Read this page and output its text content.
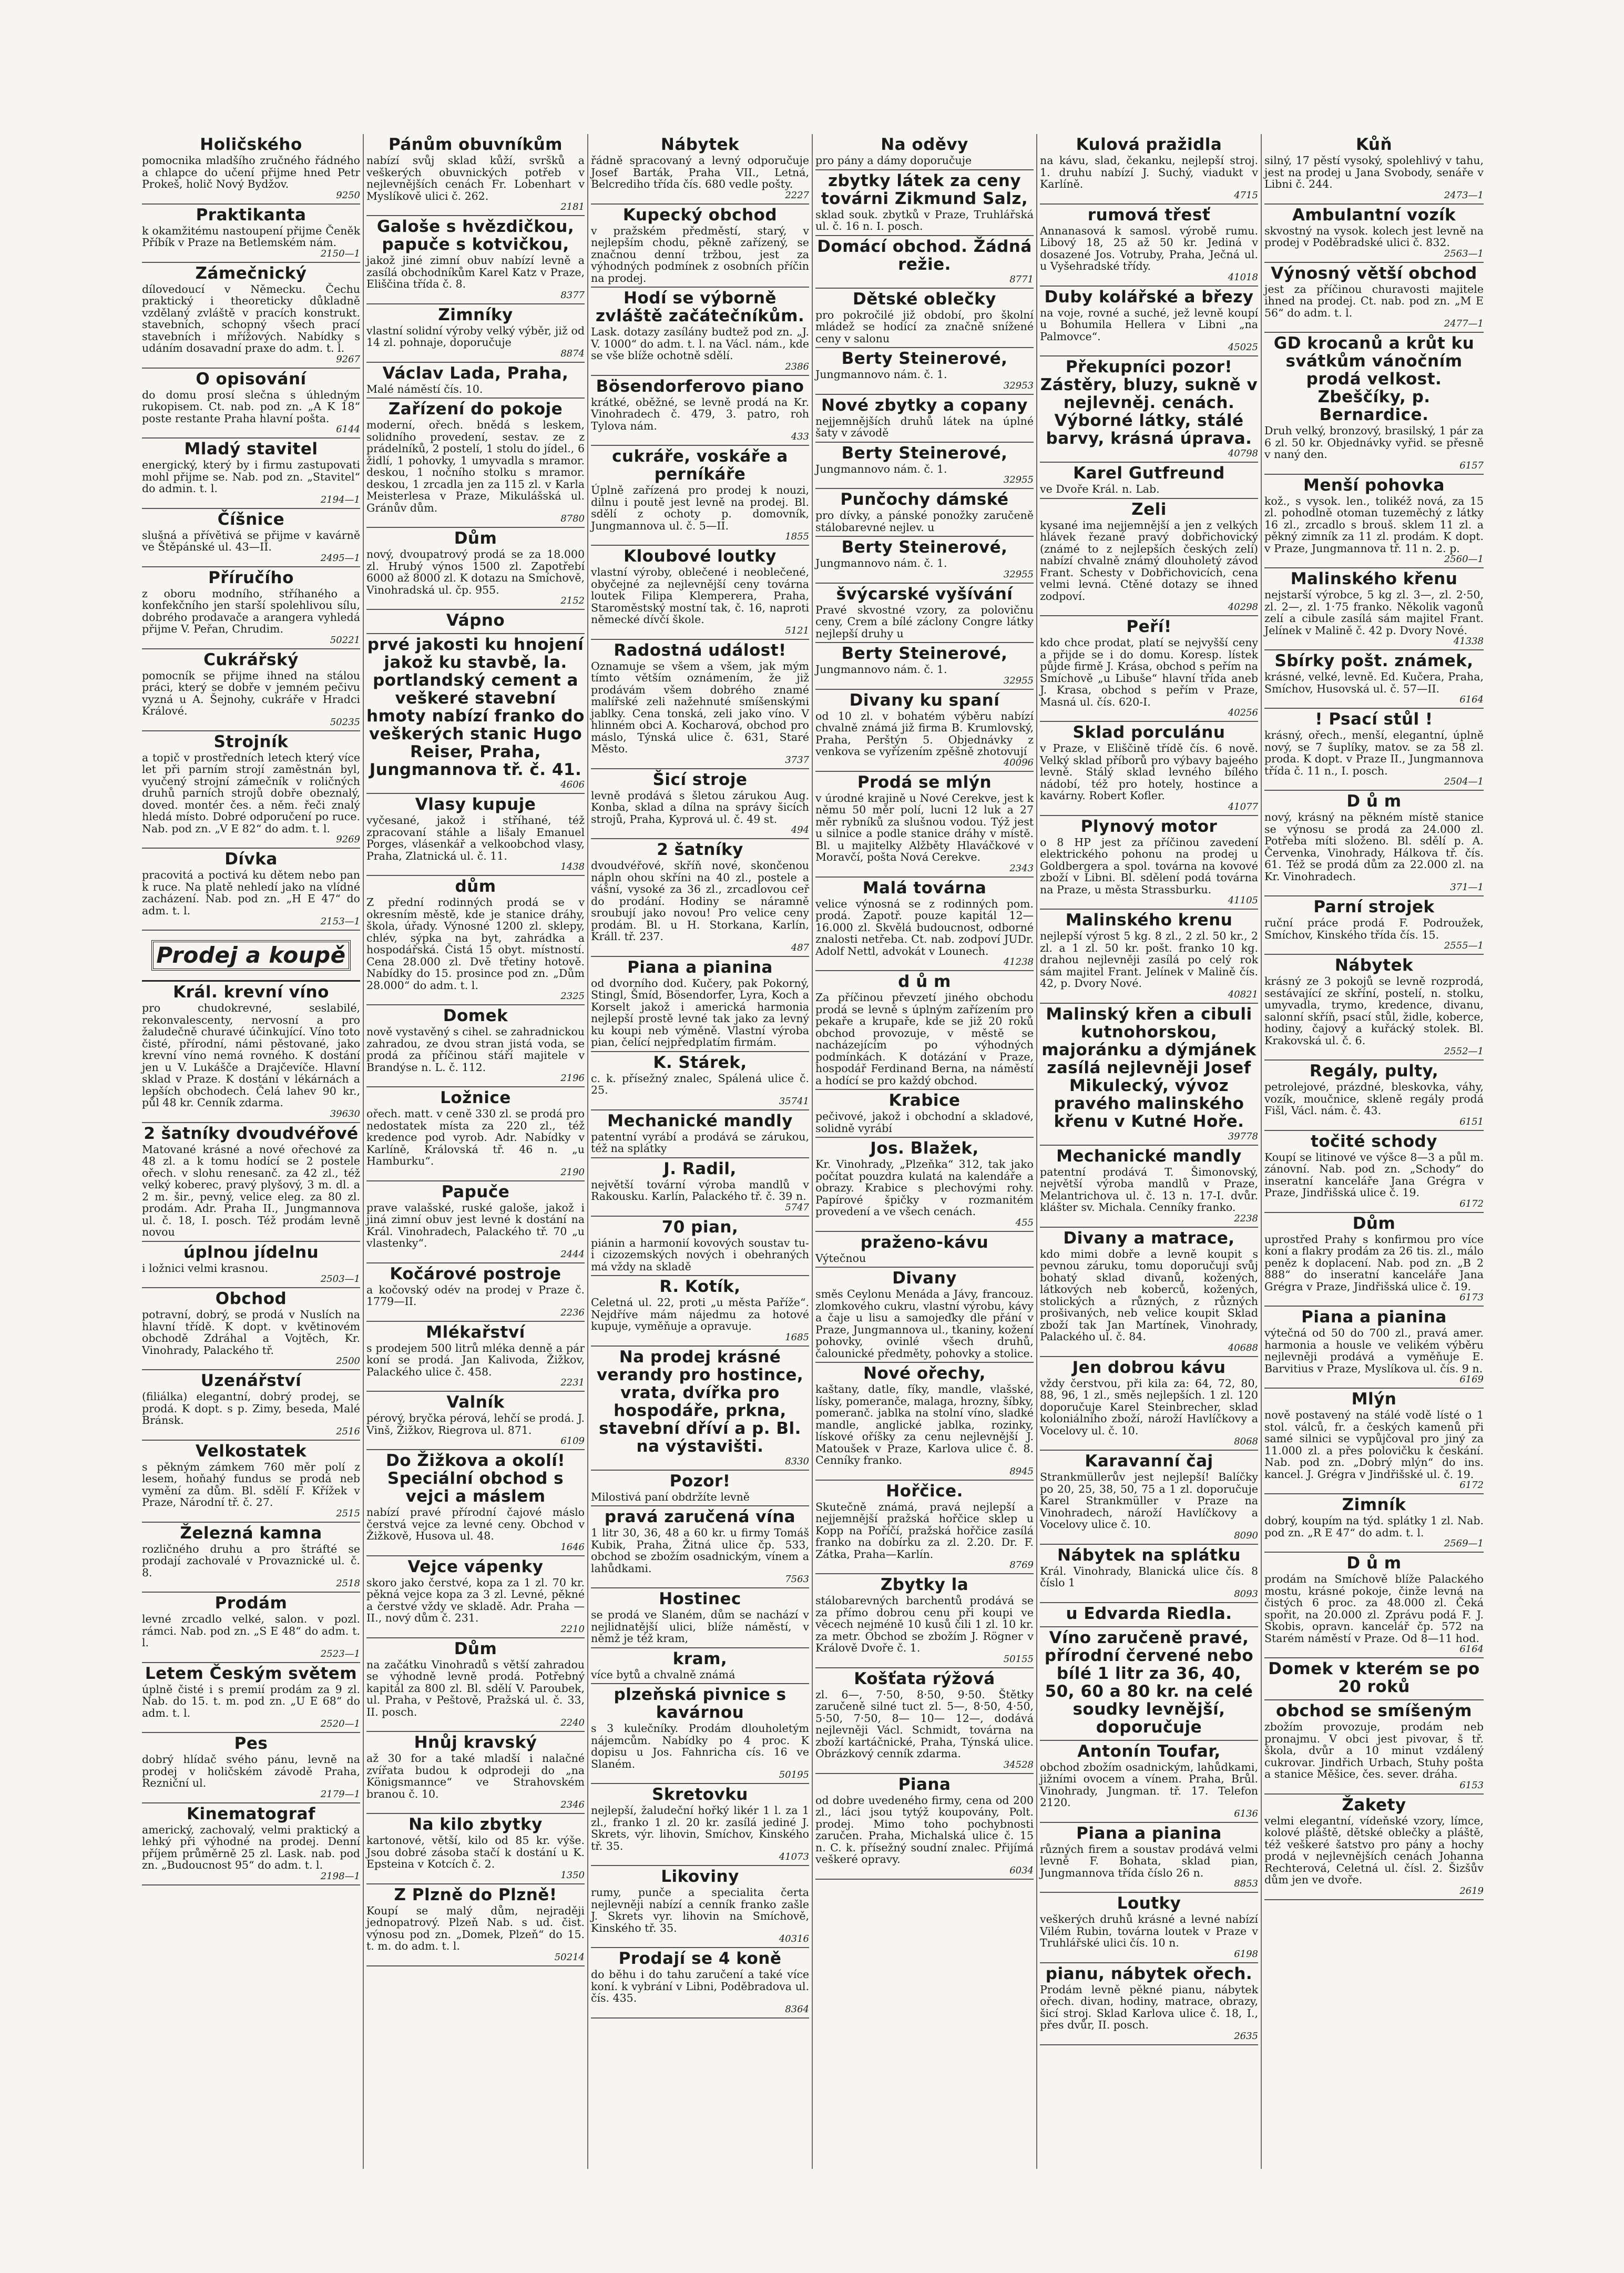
Holičského

pomocnika mladšího zručného řádného a chlapce do učení přijme hned Petr Prokeš, holič Nový Bydžov.

9250

Praktikanta

k okamžitému nastoupení přijme Čeněk Příbík v Praze na Betlemském nám.

2150—1

Zámečnický

dílovedoucí v Německu. Čechu praktický i theoreticky důkladně vzdělaný zvláště v pracích konstrukt. stavebních, schopný všech prací stavebních i mřížových. Nabídky s udáním dosavadní praxe do adm. t. l.

9267

O opisování

do domu prosí slečna s úhledným rukopisem. Ct. nab. pod zn. „A K 18“ poste restante Praha hlavní pošta.

6144

Mladý stavitel

energický, který by i firmu zastupovati mohl přijme se. Nab. pod zn. „Stavitel“ do admin. t. l.

2194—1

Číšnice

slušná a přívětivá se přijme v kavárně ve Štěpánské ul. 43—II.

2495—1

Příručího

z oboru modního, stříhaného a konfekčního jen starší spolehlivou sílu, dobrého prodavače a arangera vyhledá přijme V. Peřan, Chrudim.

50221

Cukrářský

pomocník se přijme ihned na stálou práci, který se dobře v jemném pečivu vyzná u A. Šejnohy, cukráře v Hradci Králové.

50235

Strojník

a topič v prostředních letech který více let při parním strojí zaměstnán byl, vyučený strojní zámečník v roličných druhů parních strojů dobře obeznalý, doved. montér čes. a něm. řeči znalý hledá místo. Dobré odporučení po ruce. Nab. pod zn. „V E 82“ do adm. t. l.

9269

Dívka

pracovitá a poctivá ku dětem nebo pan k ruce. Na platě nehledí jako na vlídné zacházení. Nab. pod zn. „H E 47“ do adm. t. l.

2153—1

Prodej a koupě
Král. krevní víno

pro chudokrevné, seslabilé, rekonvalescenty, nervosní a pro žaludečně churavé účinkující. Víno toto čisté, přírodní, námi pěstované, jako krevní víno nemá rovného. K dostání jen u V. Lukášče a Drajčevíče. Hlavní sklad v Praze. K dostání v lékárnách a lepších obchodech. Čelá lahev 90 kr., půl 48 kr. Cenník zdarma.

39630

2 šatníky dvoudvéřové

Matované krásné a nové ořechové za 48 zl. a k tomu hodící se 2 postele ořech. v slohu renesanč. za 42 zl., též velký koberec, pravý plyšový, 3 m. dl. a 2 m. šir., pevný, velice eleg. za 80 zl. prodám. Adr. Praha II., Jungmannova ul. č. 18, I. posch. Též prodám levně novou

úplnou jídelnu

i ložnici velmi krasnou.

2503—1

Obchod

potravní, dobrý, se prodá v Nuslích na hlavní třídě. K dopt. v květinovém obchodě Zdráhal a Vojtěch, Kr. Vinohrady, Palackého tř.

2500

Uzenářství

(filiálka) elegantní, dobrý prodej, se prodá. K dopt. s p. Zimy, beseda, Malé Bránsk.

2516

Velkostatek

s pěkným zámkem 760 měr polí z lesem, hoňahý fundus se prodá neb vymění za dům. Bl. sdělí F. Křížek v Praze, Národní tř. č. 27.

2515

Železná kamna

rozličného druhu a pro štráfté se prodají zachovalé v Provaznické ul. č. 8.

2518

Prodám

levné zrcadlo velké, salon. v pozl. rámci. Nab. pod zn. „S E 48“ do adm. t. l.

2523—1

Letem Českým světem

úplně čisté i s premií prodám za 9 zl. Nab. do 15. t. m. pod zn. „U E 68“ do adm. t. l.

2520—1

Pes

dobrý hlídač svého pánu, levně na prodej v holičském závodě Praha, Rezniční ul.

2179—1

Kinematograf

americký, zachovalý, velmi praktický a lehký při výhodné na prodej. Denní příjem průměrně 25 zl. Lask. nab. pod zn. „Budoucnost 95“ do adm. t. l.

2198—1

Pánům obuvníkům

nabízí svůj sklad kůží, svršků a veškerých obuvnických potřeb v nejlevnějších cenách Fr. Lobenhart v Myslíkově ulici č. 262.

2181

Galoše s hvězdičkou, papuče s kotvičkou,

jakož jiné zimní obuv nabízí levně a zasílá obchodníkům Karel Katz v Praze, Eliščina třída č. 8.

8377

Zimníky

vlastní solidní výroby velký výběr, již od 14 zl. pohnaje, doporučuje

8874

Václav Lada, Praha,

Malé náměstí čís. 10.

Zařízení do pokoje

moderní, ořech. bnědá s leskem, solidního provedení, sestav. ze z prádelníků, 2 postelí, 1 stolu do jídel., 6 židlí, 1 pohovky, 1 umyvadla s mramor. deskou, 1 nočního stolku s mramor. deskou, 1 zrcadla jen za 115 zl. v Karla Meisterlesa v Praze, Mikulášská ul. Gránův dům.

8780

Dům

nový, dvoupatrový prodá se za 18.000 zl. Hrubý výnos 1500 zl. Zapotřebí 6000 až 8000 zl. K dotazu na Smíchově, Vinohradská ul. čp. 955.

2152

Vápno
prvé jakosti ku hnojení jakož ku stavbě, la. portlandský cement a veškeré stavební hmoty nabízí franko do veškerých stanic Hugo Reiser, Praha, Jungmannova tř. č. 41.

4606

Vlasy kupuje

vyčesané, jakož i stříhané, též zpracovaní stáhle a lišaly Emanuel Porges, vlásenkář a velkoobchod vlasy, Praha, Zlatnická ul. č. 11.

1438

dům

Z přední rodinných prodá se v okresním městě, kde je stanice dráhy, škola, úřady. Výnosné 1200 zl. sklepy, chlév, sýpka na byt, zahrádka a hospodářská. Čistá 15 obyt. místností. Cena 28.000 zl. Dvě třetiny hotově. Nabídky do 15. prosince pod zn. „Dům 28.000“ do adm. t. l.

2325

Domek

nově vystavěný s cihel. se zahradnickou zahradou, ze dvou stran jistá voda, se prodá za příčinou stáří majitele v Brandýse n. L. č. 112.

2196

Ložnice

ořech. matt. v ceně 330 zl. se prodá pro nedostatek místa za 220 zl., též kredence pod vyrob. Adr. Nabídky v Karlíně, Královská tř. 46 n. „u Hamburku“.

2190

Papuče

prave valašské, ruské galoše, jakož i jiná zimní obuv jest levné k dostání na Král. Vinohradech, Palackého tř. 70 „u vlastenky“.

2444

Kočárové postroje

a kočovský odév na prodej v Praze č. 1779—II.

2236

Mlékařství

s prodejem 500 litrů mléka denně a pár koní se prodá. Jan Kalivoda, Žižkov, Palackého ulice č. 458.

2231

Valník

pérový, bryčka pérová, lehčí se prodá. J. Vinš, Žižkov, Riegrova ul. 871.

6109

Do Žižkova a okolí! Speciální obchod s vejci a máslem

nabízí pravé přírodní čajové máslo čerstvá vejce za levné ceny. Obchod v Žižkově, Husova ul. 48.

1646

Vejce vápenky

skoro jako čerstvé, kopa za 1 zl. 70 kr. pěkná vejce kopa za 3 zl. Levné, pěkné a čerstvé vždy ve skladě. Adr. Praha — II., nový dům č. 231.

2210

Dům

na začátku Vinohradů s větší zahradou se výhodně levně prodá. Potřebný kapitál za 800 zl. Bl. sdělí V. Paroubek, ul. Praha, v Peštově, Pražská ul. č. 33, II. posch.

2240

Hnůj kravský

až 30 for a také mladší i nalačné zvířata budou k odprodeji do „na Königsmannce“ ve Strahovském branou č. 10.

2346

Na kilo zbytky

kartonové, větší, kilo od 85 kr. výše. Jsou dobré zásoba stačí k dostání u K. Epsteina v Kotcích č. 2.

1350

Z Plzně do Plzně!

Koupí se malý dům, nejraději jednopatrový. Plzeň Nab. s ud. čist. výnosu pod zn. „Domek, Plzeň“ do 15. t. m. do adm. t. l.

50214

Nábytek

řádně spracovaný a levný odporučuje Josef Barták, Praha VII., Letná, Belcrediho třída čís. 680 vedle pošty.

2227

Kupecký obchod

v pražském předměstí, starý, v nejlepším chodu, pěkně zařízený, se značnou denní tržbou, jest za výhodných podmínek z osobních příčin na prodej.

Hodí se výborně zvláště začátečníkům.

Lask. dotazy zasílány budtež pod zn. „J. V. 1000“ do adm. t. l. na Václ. nám., kde se vše blíže ochotně sdělí.

2386

Bösendorferovo piano

krátké, oběžné, se levně prodá na Kr. Vinohradech č. 479, 3. patro, roh Tylova nám.

433

cukráře, voskáře a perníkáře

Úplně zařízená pro prodej k nouzi, dilnu i poutě jest levně na prodej. Bl. sdělí z ochoty p. domovník, Jungmannova ul. č. 5—II.

1855

Kloubové loutky

vlastní výroby, oblečené i neoblečené, obyčejné za nejlevnější ceny továrna loutek Filipa Klemperera, Praha, Staroměstský mostní tak, č. 16, naproti německé dívčí škole.

5121

Radostná událost!

Oznamuje se všem a všem, jak mým tímto větším oznámením, že již prodávám všem dobrého znamé malířské zeli nažehnuté smíšenskými jablky. Cena tonská, zeli jako víno. V hlinném obci A. Kocharová, obchod pro máslo, Týnská ulice č. 631, Staré Město.

3737

Šicí stroje

levně prodává s šletou zárukou Aug. Konba, sklad a dílna na správy šicích strojů, Praha, Kyprová ul. č. 49 st.

494

2 šatníky

dvoudvéřové, skříň nové, skončenou nápln ohou skříni na 40 zl., postele a vášní, vysoké za 36 zl., zrcadlovou ceř do prodání. Hodiny se náramně sroubují jako novou! Pro velice ceny prodám. Bl. u H. Storkana, Karlín, Králl. tř. 237.

487

Piana a pianina

od dvorního dod. Kučery, pak Pokorný, Stingl, Šmíd, Bösendorfer, Lyra, Koch a Korselt jakož i americká harmonia nejlepší prostě levné tak jako za levný ku koupi neb výměně. Vlastní výroba pian, čelící nejpředplatím firmám.

K. Stárek,

c. k. přísežný znalec, Spálená ulice č. 25.

35741

Mechanické mandly

patentní vyrábí a prodává se zárukou, též na splátky

J. Radil,

největší tovární výroba mandlů v Rakousku. Karlín, Palackého tř. č. 39 n.

5747

70 pian,

piánin a harmonií kovových soustav tu- i cizozemských nových i obehraných má vždy na skladě

R. Kotík,

Celetná ul. 22, proti „u města Paříže“. Nejdříve mám nájedmu za hotové kupuje, vyměňuje a opravuje.

1685

Na prodej krásné verandy pro hostince, vrata, dvířka pro hospodáře, prkna, stavební dříví a p. Bl. na výstavišti.

8330

Pozor!

Milostivá paní obdržíte levně

pravá zaručená vína

1 litr 30, 36, 48 a 60 kr. u firmy Tomáš Kubik, Praha, Žitná ulice čp. 533, obchod se zbožím osadnickým, vínem a lahůdkami.

7563

Hostinec

se prodá ve Slaném, dům se nachází v nejlidnatější ulici, blíže náměstí, v němž je též kram,

kram,

více bytů a chvalně známá

plzeňská pivnice s kavárnou

s 3 kulečníky. Prodám dlouholetým nájemcům. Nabídky po 4 proc. K dopisu u Jos. Fahnricha cís. 16 ve Slaném.

50195

Skretovku

nejlepší, žaludeční hořký likér 1 l. za 1 zl., franko 1 zl. 20 kr. zasílá jediné J. Skrets, výr. lihovin, Smíchov, Kinského tř. 35.

41073

Likoviny

rumy, punče a specialita čerta nejlevněji nabízí a cenník franko zašle J. Skrets vyr. lihovin na Smíchově, Kinského tř. 35.

40316

Prodají se 4 koně

do běhu i do tahu zaručení a také více koní. k vybrání v Libni, Poděbradova ul. čís. 435.

8364

Na oděvy

pro pány a dámy doporučuje

zbytky látek za ceny továrni Zikmund Salz,

sklad souk. zbytků v Praze, Truhlářská ul. č. 16 n. I. posch.

Domácí obchod. Žádná režie.

8771

Dětské oblečky

pro pokročilé již období, pro školní mládež se hodící za značně snížené ceny v salonu

Berty Steinerové,

Jungmannovo nám. č. 1.

32953

Nové zbytky a copany

nejjemnějších druhů látek na úplné šaty v závodě

Berty Steinerové,

Jungmannovo nám. č. 1.

32955

Punčochy dámské

pro dívky, a pánské ponožky zaručeně stálobarevné nejlev. u

Berty Steinerové,

Jungmannovo nám. č. 1.

32955

švýcarské vyšívání

Pravé skvostné vzory, za polovičnu ceny, Crem a bílé záclony Congre látky nejlepší druhy u

Berty Steinerové,

Jungmannovo nám. č. 1.

32955

Divany ku spaní

od 10 zl. v bohatém výběru nabízí chvalně známá již firma B. Krumlovský, Praha, Perštýn 5. Objednávky z venkova se vyřízením zpěšně zhotovují

40096

Prodá se mlýn

v úrodné krajině u Nové Cerekve, jest k němu 50 měr polí, lucni 12 luk a 27 měr rybníků za slušnou vodou. Týž jest u silnice a podle stanice dráhy v místě. Bl. u majitelky Alžběty Hlaváčkové v Moravčí, pošta Nová Cerekve.

2343

Malá továrna

velice výnosná se z rodinných pom. prodá. Zapotř. pouze kapitál 12—16.000 zl. Skvělá budoucnost, odborné znalosti netřeba. Ct. nab. zodpoví JUDr. Adolf Nettl, advokát v Lounech.

41238

d ů m

Za příčinou převzetí jiného obchodu prodá se levně s úplným zařízením pro pekaře a krupaře, kde se již 20 roků obchod provozuje, v městě se nacházejícím po výhodných podmínkách. K dotázání v Praze, hospodář Ferdinand Berna, na náměstí a hodící se pro každý obchod.

Krabice

pečivové, jakož i obchodní a skladové, solidně vyrábí

Jos. Blažek,

Kr. Vinohrady, „Plzeňka“ 312, tak jako počítat pouzdra kulatá na kalendáře a obrazy. Krabice s plechovými rohy. Papírové špičky v rozmanitém provedení a ve všech cenách.

455

praženo-kávu

Výtečnou

Divany

směs Ceylonu Menáda a Jávy, francouz. zlomkového cukru, vlastní výrobu, kávy a čaje u lisu a samojeďky dle přání v Praze, Jungmannova ul., tkaniny, kožení pohovky, ovinlé všech druhů, čalounické předměty, pohovky a stolice.

Nové ořechy,

kaštany, datle, fíky, mandle, vlašské, lísky, pomeranče, malaga, hrozny, šíbky, pomeranč. jablka na stolní víno, sladké mandle, anglické jablka, rozinky, lískové oříšky za cenu nejlevnější J. Matoušek v Praze, Karlova ulice č. 8. Cenníky franko.

8945

Hořčice.

Skutečně známá, pravá nejlepší a nejjemnější pražská hořčice sklep u Kopp na Poříčí, pražská hořčice zasílá franko na dobírku za zl. 2.20. Dr. F. Zátka, Praha—Karlín.

8769

Zbytky la

stálobarevných barchentů prodává se za přímo dobrou cenu při koupi ve věcech nejméně 10 kusů čili 1 zl. 10 kr. za metr. Obchod se zbožím J. Rögner v Králově Dvoře č. 1.

50155

Košťata rýžová

zl. 6—, 7·50, 8·50, 9·50. Štětky zaručeně silné tuct zl. 5—, 8·50, 4·50, 5·50, 7·50, 8— 10— 12—, dodává nejlevněji Václ. Schmidt, továrna na zboží kartáčnické, Praha, Týnská ulice. Obrázkový cenník zdarma.

34528

Piana

od dobre uvedeného firmy, cena od 200 zl., láci jsou tytýž koupovány, Polt. prodej. Mimo toho pochybnosti zaručen. Praha, Michalská ulice č. 15 n. C. k. přísežný soudní znalec. Přijímá veškeré opravy.

6034

Kulová pražidla

na kávu, slad, čekanku, nejlepší stroj. 1. druhu nabízí J. Suchý, viadukt v Karlíně.

4715

rumová třesť

Annanasová k samosl. výrobě rumu. Libový 18, 25 až 50 kr. Jediná v dosazené Jos. Votruby, Praha, Ječná ul. u Vyšehradské třídy.

41018

Duby kolářské a březy

na voje, rovné a suché, jež levně koupí u Bohumila Hellera v Libni „na Palmovce“.

45025

Překupníci pozor! Zástěry, bluzy, sukně v nejlevněj. cenách. Výborné látky, stálé barvy, krásná úprava.

40798

Karel Gutfreund

ve Dvoře Král. n. Lab.

Zeli

kysané ima nejjemnější a jen z velkých hlávek řezané pravý dobřichovický (známé to z nejlepších českých zelí) nabízí chvalně známý dlouholetý závod Frant. Schesty v Dobřichovicích, cena velmi levná. Ctěné dotazy se ihned zodpoví.

40298

Peří!

kdo chce prodat, platí se nejvyšší ceny a přijde se i do domu. Koresp. lístek půjde firmě J. Krása, obchod s peřím na Smíchově „u Libuše“ hlavní třída aneb J. Krasa, obchod s peřím v Praze, Masná ul. čís. 620-I.

40256

Sklad porculánu

v Praze, v Eliščině třídě čís. 6 nově. Velký sklad příborů pro výbavy bajeého levně. Stálý sklad levného bílého nádobí, též pro hotely, hostince a kavárny. Robert Kofler.

41077

Plynový motor

o 8 HP jest za příčinou zavedení elektrického pohonu na prodej u Goldbergera a spol. továrna na kovové zboží v Libni. Bl. sdělení podá továrna na Praze, u města Strassburku.

41105

Malinského krenu

nejlepší výrost 5 kg. 8 zl., 2 zl. 50 kr., 2 zl. a 1 zl. 50 kr. pošt. franko 10 kg. drahou nejlevněji zasílá po celý rok sám majitel Frant. Jelínek v Malině čís. 42, p. Dvory Nové.

40821

Malinský křen a cibuli kutnohorskou, majoránku a dýmjánek zasílá nejlevněji Josef Mikulecký, vývoz pravého malinského křenu v Kutné Hoře.

39778

Mechanické mandly

patentní prodává T. Šimonovský, největší výroba mandlů v Praze, Melantrichova ul. č. 13 n. 17-I. dvůr. klášter sv. Michala. Cenníky franko.

2238

Divany a matrace,

kdo mimi dobře a levně koupit s pevnou záruku, tomu doporučuji svůj bohatý sklad divanů, kožených, látkových neb koberců, kožených, stolických a různých, z různých prošivaných, neb velice koupit Sklad zboží tak Jan Martínek, Vinohrady, Palackého ul. č. 84.

40688

Jen dobrou kávu

vždy čerstvou, při kila za: 64, 72, 80, 88, 96, 1 zl., směs nejlepších. 1 zl. 120 doporučuje Karel Steinbrecher, sklad koloniálního zboží, nároží Havlíčkovy a Vocelovy ul. č. 10.

8068

Karavanní čaj

Strankmüllerův jest nejlepší! Balíčky po 20, 25, 38, 50, 75 a 1 zl. doporučuje Karel Strankmüller v Praze na Vinohradech, nároží Havlíčkovy a Vocelovy ulice č. 10.

8090

Nábytek na splátku

Král. Vinohrady, Blanická ulice čís. 8 číslo 1

8093

u Edvarda Riedla.
Víno zaručeně pravé, přírodní červené nebo bílé 1 litr za 36, 40, 50, 60 a 80 kr. na celé soudky levnější, doporučuje
Antonín Toufar,

obchod zbožím osadnickým, lahůdkami, jižními ovocem a vínem. Praha, Brůl. Vinohrady, Jungman. tř. 17. Telefon 2120.

6136

Piana a pianina

různých firem a soustav prodává velmi levně F. Bohata, sklad pian, Jungmannova třída číslo 26 n.

8853

Loutky

veškerých druhů krásné a levné nabízí Vilém Rubin, továrna loutek v Praze v Truhlářské ulici čís. 10 n.

6198

pianu, nábytek ořech.

Prodám levně pěkné pianu, nábytek ořech. divan, hodiny, matrace, obrazy, šicí stroj. Sklad Karlova ulice č. 18, I., přes dvůr, II. posch.

2635

Kůň

silný, 17 pěstí vysoký, spolehlivý v tahu, jest na prodej u Jana Svobody, senáře v Libni č. 244.

2473—1

Ambulantní vozík

skvostný na vysok. kolech jest levně na prodej v Poděbradské ulici č. 832.

2563—1

Výnosný větší obchod

jest za příčinou churavosti majitele ihned na prodej. Ct. nab. pod zn. „M E 56“ do adm. t. l.

2477—1

GD krocanů a krůt ku svátkům vánočním prodá velkost. Zbeščíky, p. Bernardice.

Druh velký, bronzový, brasilský, 1 pár za 6 zl. 50 kr. Objednávky vyřid. se přesně v naný den.

6157

Menší pohovka

kož., s vysok. len., tolikéž nová, za 15 zl. pohodlně otoman tuzeměchý z látky 16 zl., zrcadlo s brouš. sklem 11 zl. a pěkný zimník za 11 zl. prodám. K dopt. v Praze, Jungmannova tř. 11 n. 2. p.

2560—1

Malinského křenu

nejstarší výrobce, 5 kg zl. 3—, zl. 2·50, zl. 2—, zl. 1·75 franko. Několik vagonů zelí a cibule zasílá sám majitel Frant. Jelínek v Malině č. 42 p. Dvory Nové.

41338

Sbírky pošt. známek,

krásné, velké, levně. Ed. Kučera, Praha, Smíchov, Husovská ul. č. 57—II.

6164

! Psací stůl !

krásný, ořech., menší, elegantní, úplně nový, se 7 šuplíky, matov. se za 58 zl. proda. K dopt. v Praze II., Jungmannova třída č. 11 n., I. posch.

2504—1

D ů m

nový, krásný na pěkném místě stanice se výnosu se prodá za 24.000 zl. Potřeba míti složeno. Bl. sdělí p. A. Červenka, Vinohrady, Hálkova tř. čís. 61. Též se prodá dům za 22.000 zl. na Kr. Vinohradech.

371—1

Parní strojek

ruční práce prodá F. Podroužek, Smíchov, Kinského třída čís. 15.

2555—1

Nábytek

krásný ze 3 pokojů se levně rozprodá, sestávající ze skříní, postelí, n. stolku, umyvadla, trymo, kredence, divanu, salonní skříň, psací stůl, židle, koberce, hodiny, čajový a kuřácký stolek. Bl. Krakovská ul. č. 6.

2552—1

Regály, pulty,

petrolejové, prázdné, bleskovka, váhy, vozík, moučnice, skleně regály prodá Fišl, Václ. nám. č. 43.

6151

točité schody

Koupí se litinové ve výšce 8—3 a půl m. zánovní. Nab. pod zn. „Schody“ do inseratní kanceláře Jana Grégra v Praze, Jindřišská ulice č. 19.

6172

Dům

uprostřed Prahy s konfirmou pro více koní a flakry prodám za 26 tis. zl., málo peněz k doplacení. Nab. pod zn. „B 2 888“ do inseratní kanceláře Jana Grégra v Praze, Jindřišská ulice č. 19.

6173

Piana a pianina

výtečná od 50 do 700 zl., pravá amer. harmonia a housle ve velikém výběru nejlevněji prodává a vyměňuje E. Barvitius v Praze, Myslíkova ul. čís. 9 n.

6169

Mlýn

nově postavený na stálé vodě lísté o 1 stol. válců, fr. a českých kamenů při samé silnici se vypůjčoval pro jiný za 11.000 zl. a přes polovičku k českání. Nab. pod zn. „Dobrý mlýn“ do ins. kancel. J. Grégra v Jindřišské ul. č. 19.

6172

Zimník

dobrý, koupím na týd. splátky 1 zl. Nab. pod zn. „R E 47“ do adm. t. l.

2569—1

D ů m

prodám na Smíchově blíže Palackého mostu, krásné pokoje, činže levná na čistých 6 proc. za 48.000 zl. Čeká spořit, na 20.000 zl. Zprávu podá F. J. Skobis, opravn. kancelář čp. 572 na Starém náměstí v Praze. Od 8—11 hod.

6164

Domek v kterém se po 20 roků
obchod se smíšeným

zbožím provozuje, prodám neb pronajmu. V obci jest pivovar, š tř. škola, dvůr a 10 minut vzdálený cukrovar. Jindřich Urbach, Stuhy pošta a stanice Měšice, čes. sever. dráha.

6153

Žakety

velmi elegantní, vídeňské vzory, límce, kolové pláště, dětské oblečky a pláště, též veškeré šatstvo pro pány a hochy prodá v nejlevnějších cenách Johanna Rechterová, Celetná ul. čísl. 2. Šizšův dům jen ve dvoře.

2619
